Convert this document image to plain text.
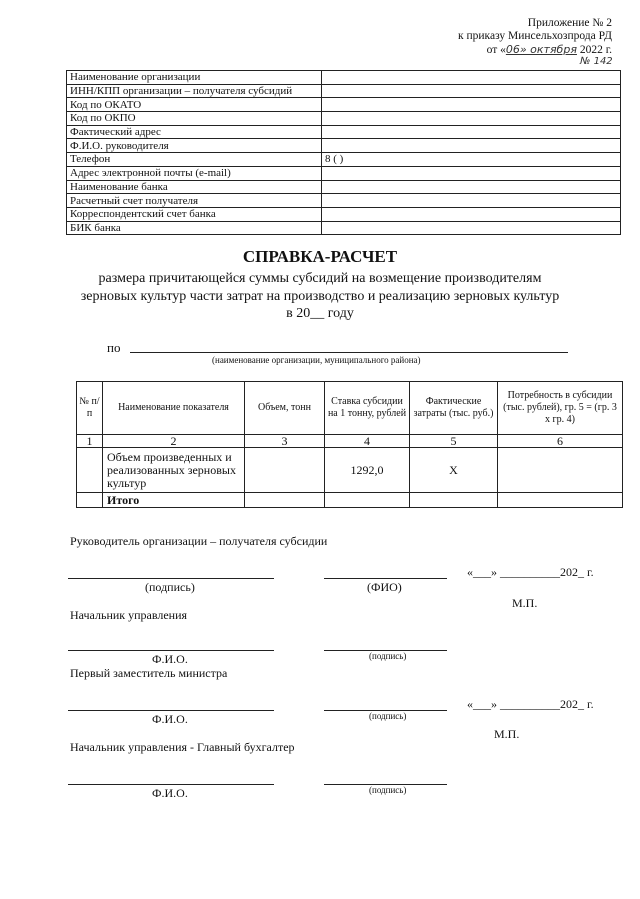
Приложение № 2
к приказу Минсельхозпрода РД
от «06» октября 2022 г.
№ 142
Наименование организации	
ИНН/КПП организации – получателя субсидий	
Код по ОКАТО	
Код по ОКПО	
Фактический адрес	
Ф.И.О. руководителя	
Телефон	8 ( )
Адрес электронной почты (e-mail)	
Наименование банка	
Расчетный счет получателя	
Корреспондентский счет банка	
БИК банка	
СПРАВКА-РАСЧЕТ
размера причитающейся суммы субсидий на возмещение производителям
зерновых культур части затрат на производство и реализацию зерновых культур
в 20__ году
по
(наименование организации, муниципального района)
№ п/п	Наименование показателя	Объем, тонн	Ставка субсидии на 1 тонну, рублей	Фактические затраты (тыс. руб.)	Потребность в субсидии (тыс. рублей), гр. 5 = (гр. 3 х гр. 4)
1	2	3	4	5	6
	Объем произведенных и реализованных зерновых культур		1292,0	Х	
	Итого				
Руководитель организации – получателя субсидии
«___» __________202_ г.
(подпись)	(ФИО)
М.П.
Начальник управления
Ф.И.О.	(подпись)
Первый заместитель министра
«___» __________202_ г.
Ф.И.О.	(подпись)
М.П.
Начальник управления - Главный бухгалтер
Ф.И.О.	(подпись)
